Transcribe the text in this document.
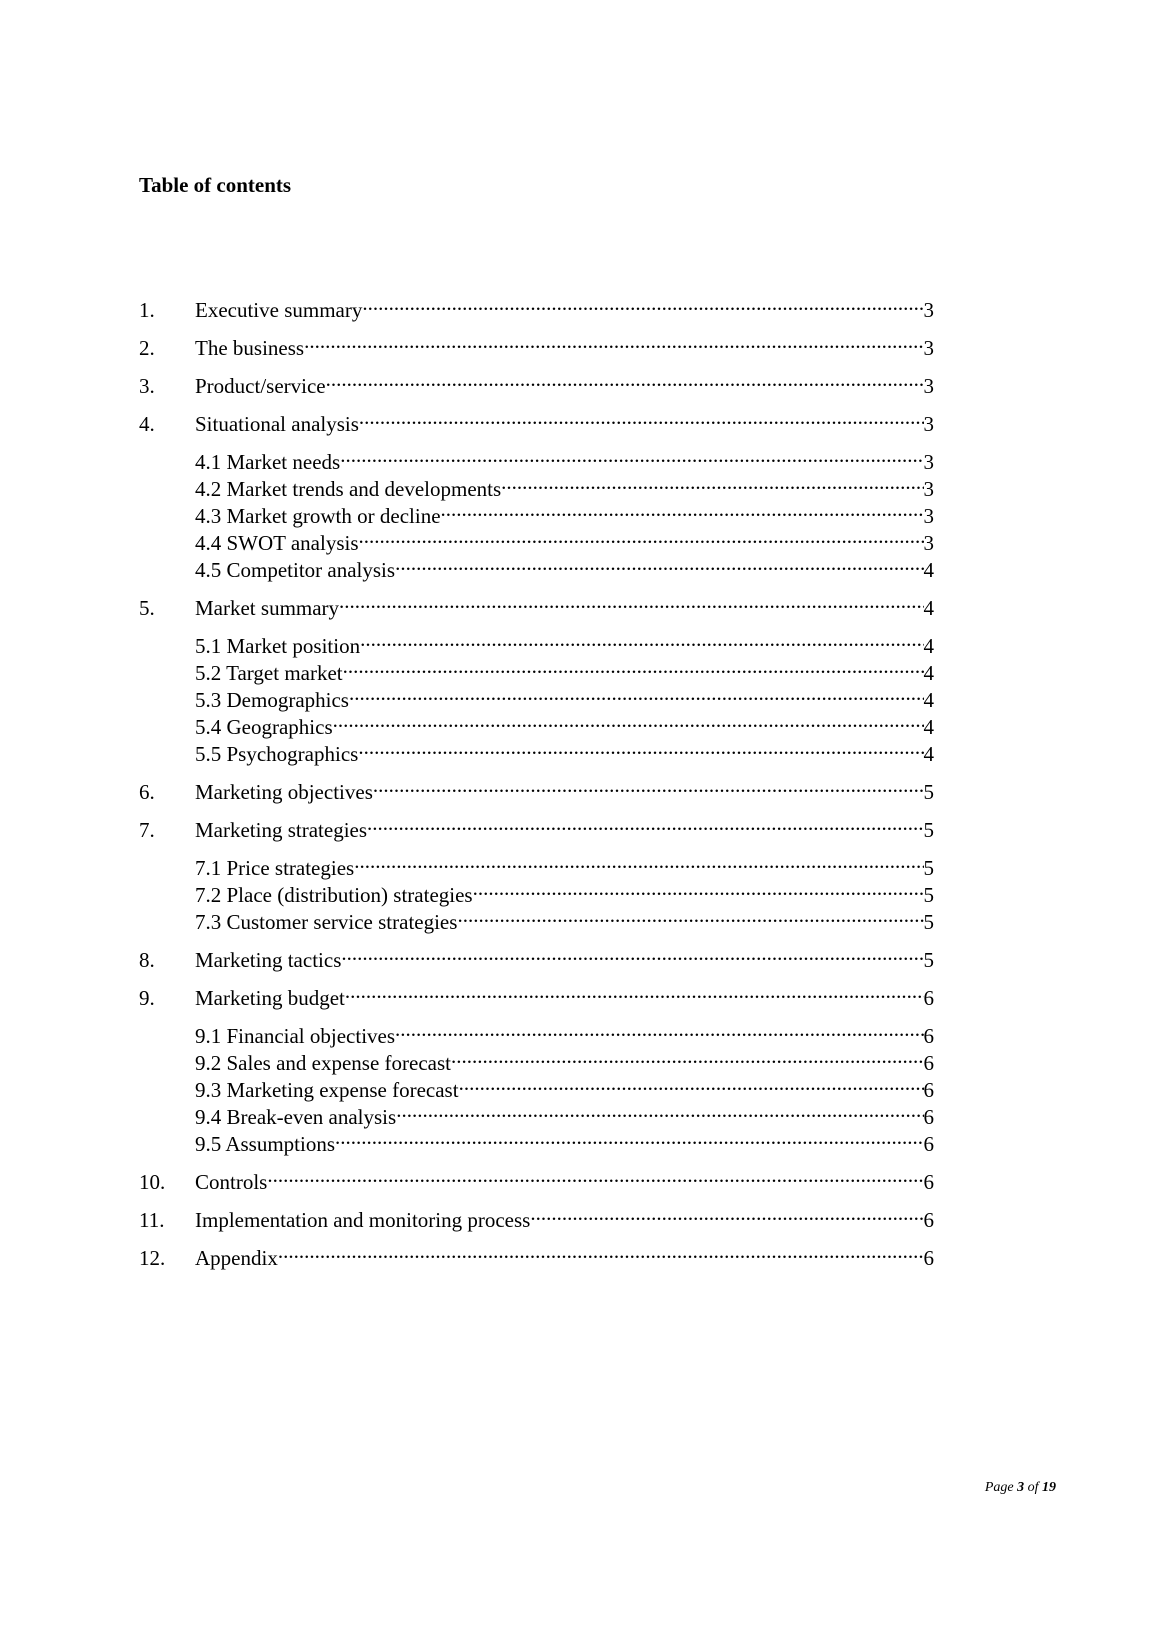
Table of contents
1.	Executive summary .....	3
2.	The business .....	3
3.	Product/service .....	3
4.	Situational analysis .....	3
4.1 Market needs .....	3
4.2 Market trends and developments .....	3
4.3 Market growth or decline .....	3
4.4 SWOT analysis .....	3
4.5 Competitor analysis .....	4
5.	Market summary .....	4
5.1 Market position .....	4
5.2 Target market .....	4
5.3 Demographics .....	4
5.4 Geographics .....	4
5.5 Psychographics .....	4
6.	Marketing objectives .....	5
7.	Marketing strategies .....	5
7.1 Price strategies .....	5
7.2 Place (distribution) strategies .....	5
7.3 Customer service strategies .....	5
8.	Marketing tactics .....	5
9.	Marketing budget .....	6
9.1 Financial objectives .....	6
9.2 Sales and expense forecast .....	6
9.3 Marketing expense forecast .....	6
9.4 Break-even analysis .....	6
9.5 Assumptions .....	6
10.	Controls .....	6
11.	Implementation and monitoring process .....	6
12.	Appendix .....	6
Page 3 of 19
